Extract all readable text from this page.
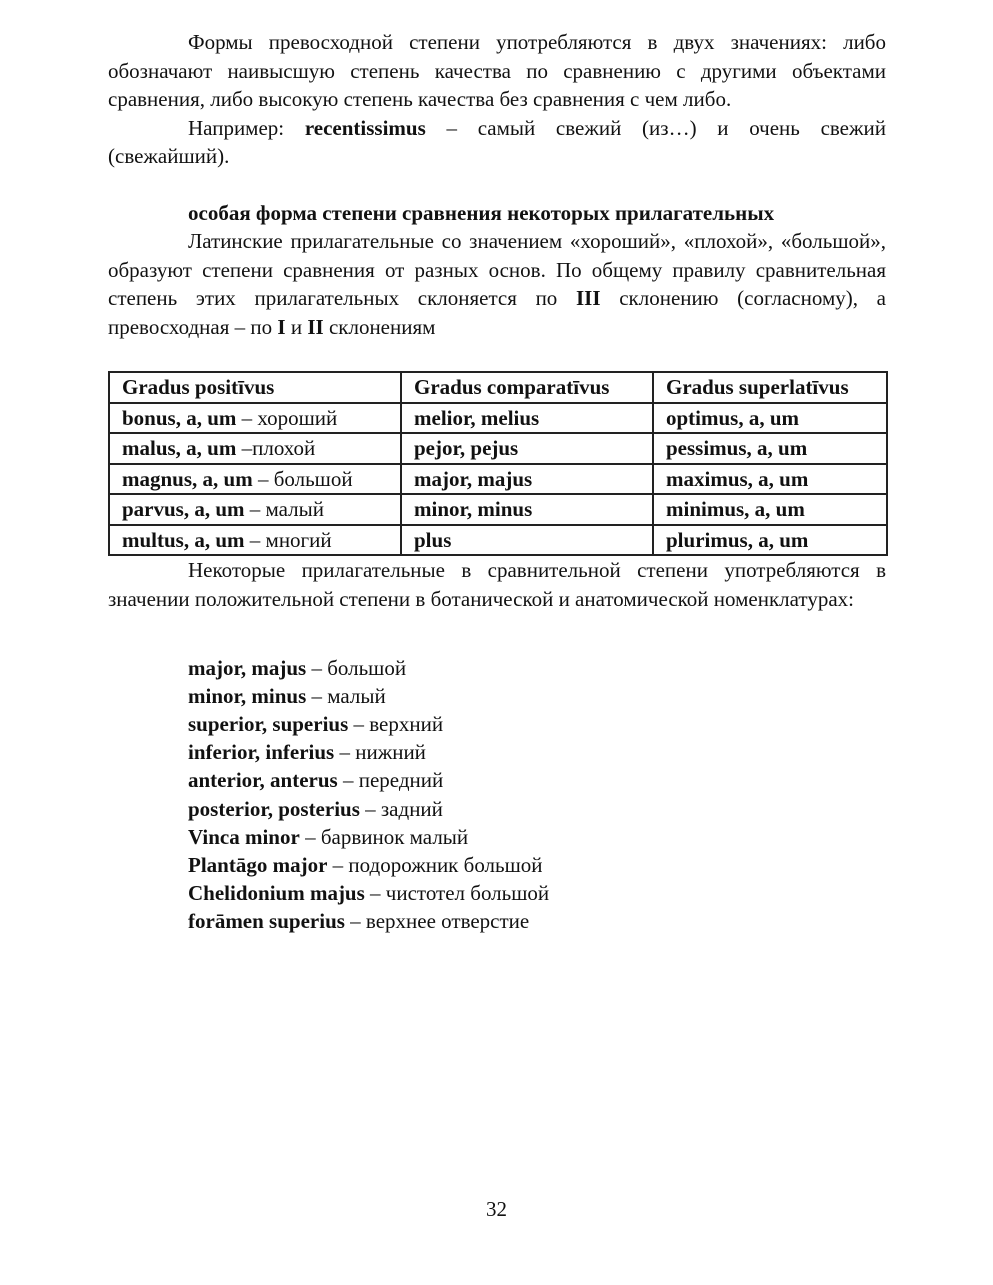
Формы превосходной степени употребляются в двух значениях: либо обозначают наивысшую степень качества по сравнению с другими объектами сравнения, либо высокую степень качества без сравнения с чем либо.

Например: recentissimus – самый свежий (из…) и очень свежий (свежайший).

особая форма степени сравнения некоторых прилагательных

Латинские прилагательные со значением «хороший», «плохой», «большой», образуют степени сравнения от разных основ. По общему правилу сравнительная степень этих прилагательных склоняется по III склонению (согласному), а превосходная – по I и II склонениям

Gradus positīvus	Gradus comparatīvus	Gradus superlatīvus
bonus, a, um – хороший	melior, melius	optimus, a, um
malus, a, um –плохой	pejor, pejus	pessimus, a, um
magnus, a, um – большой	major, majus	maximus, a, um
parvus, a, um – малый	minor, minus	minimus, a, um
multus, a, um – многий	plus	plurimus, a, um

Некоторые прилагательные в сравнительной степени употребляются в значении положительной степени в ботанической и анатомической номенклатурах:

major, majus – большой
minor, minus – малый
superior, superius – верхний
inferior, inferius – нижний
anterior, anterus – передний
posterior, posterius – задний
Vinca minor – барвинок малый
Plantāgo major – подорожник большой
Chelidonium majus – чистотел большой
forāmen superius – верхнее отверстие
32
